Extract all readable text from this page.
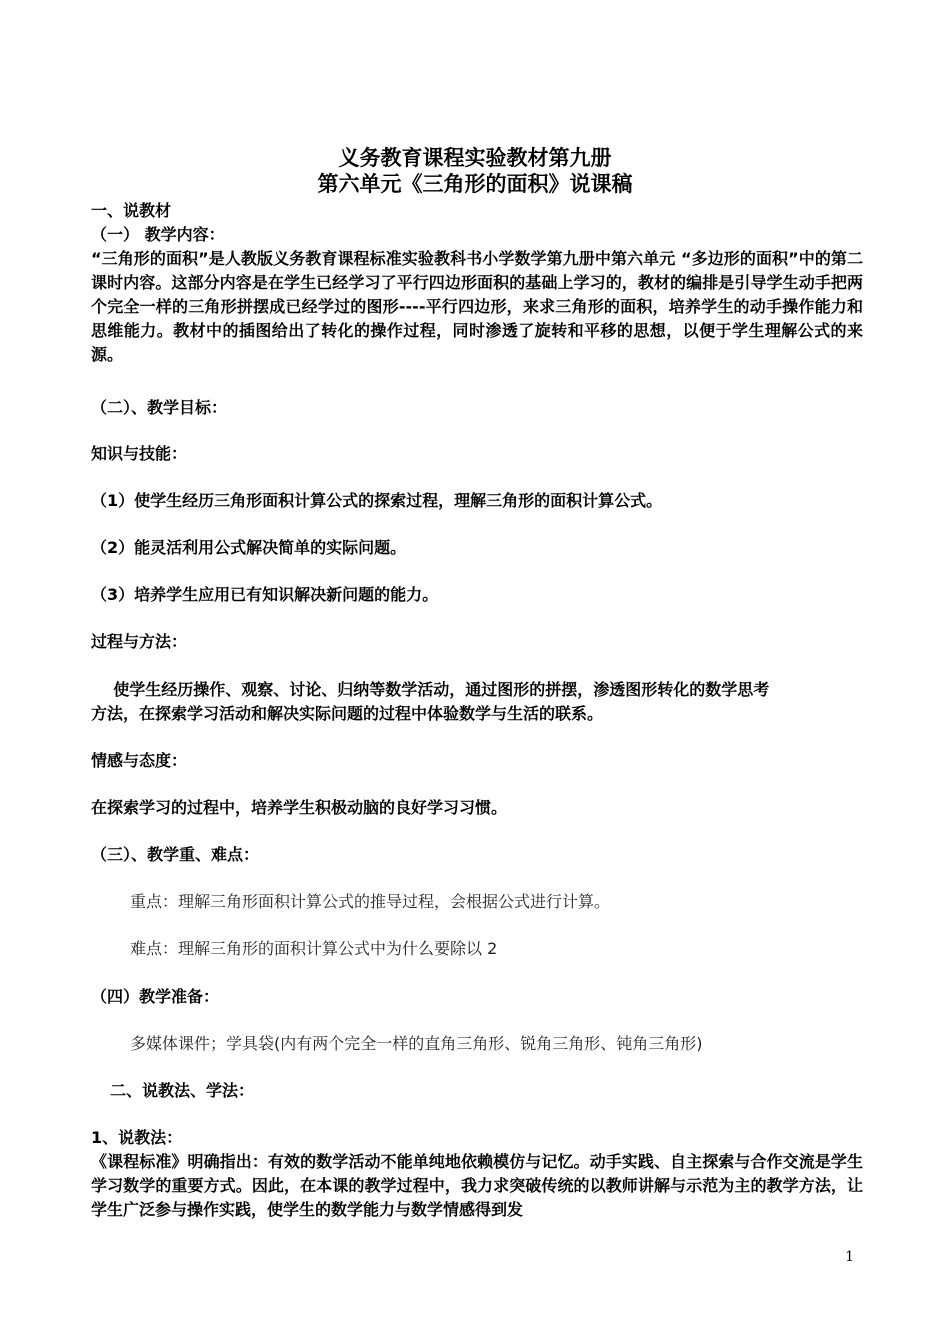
义务教育课程实验教材第九册
第六单元《三角形的面积》说课稿
一、说教材
（一） 教学内容：
“三角形的面积”是人教版义务教育课程标准实验教科书小学数学第九册中第六单元 “多边形的面积”中的第二课时内容。这部分内容是在学生已经学习了平行四边形面积的基础上学习的，教材的编排是引导学生动手把两个完全一样的三角形拼摆成已经学过的图形----平行四边形，来求三角形的面积，培养学生的动手操作能力和思维能力。教材中的插图给出了转化的操作过程，同时渗透了旋转和平移的思想，以便于学生理解公式的来源。
（二）、教学目标：
知识与技能：
（1）使学生经历三角形面积计算公式的探索过程，理解三角形的面积计算公式。
（2）能灵活利用公式解决简单的实际问题。
（3）培养学生应用已有知识解决新问题的能力。
过程与方法：
使学生经历操作、观察、讨论、归纳等数学活动，通过图形的拼摆，渗透图形转化的数学思考
方法，在探索学习活动和解决实际问题的过程中体验数学与生活的联系。
情感与态度：
在探索学习的过程中，培养学生积极动脑的良好学习习惯。
（三）、教学重、难点：
重点：理解三角形面积计算公式的推导过程，会根据公式进行计算。
难点：理解三角形的面积计算公式中为什么要除以 2
（四）教学准备：
多媒体课件；学具袋(内有两个完全一样的直角三角形、锐角三角形、钝角三角形)
二、说教法、学法：
1、说教法：
《课程标准》明确指出：有效的数学活动不能单纯地依赖模仿与记忆。动手实践、自主探索与合作交流是学生学习数学的重要方式。因此，在本课的教学过程中，我力求突破传统的以教师讲解与示范为主的教学方法，让学生广泛参与操作实践，使学生的数学能力与数学情感得到发
1
